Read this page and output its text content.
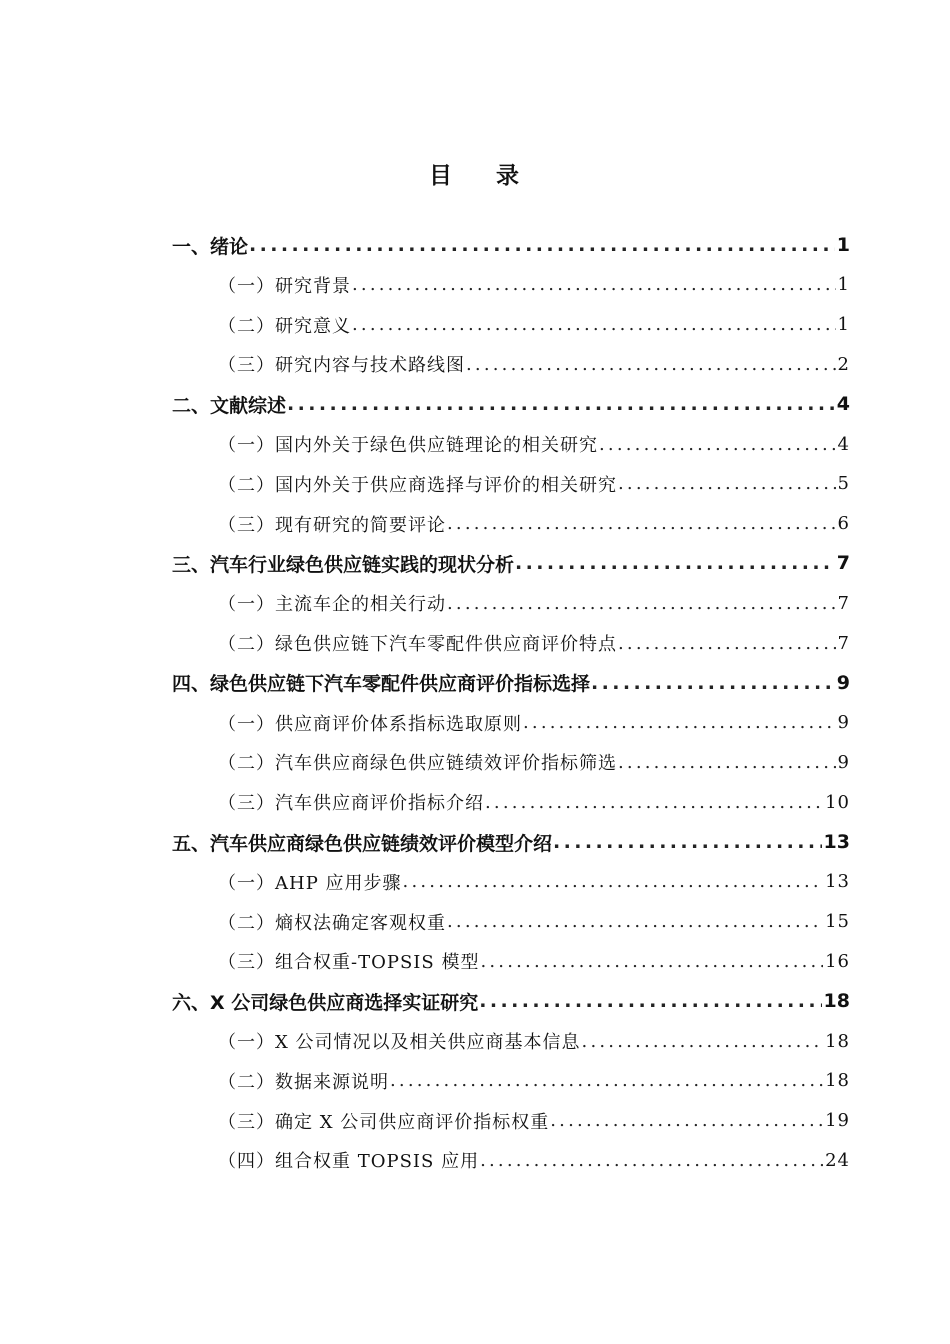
目 录
一、绪论 .....	1
（一）研究背景 .....	1
（二）研究意义 .....	1
（三）研究内容与技术路线图 .....	2
二、文献综述 .....	4
（一）国内外关于绿色供应链理论的相关研究 .....	4
（二）国内外关于供应商选择与评价的相关研究 .....	5
（三）现有研究的简要评论 .....	6
三、汽车行业绿色供应链实践的现状分析 .....	7
（一）主流车企的相关行动 .....	7
（二）绿色供应链下汽车零配件供应商评价特点 .....	7
四、绿色供应链下汽车零配件供应商评价指标选择 .....	9
（一）供应商评价体系指标选取原则 .....	9
（二）汽车供应商绿色供应链绩效评价指标筛选 .....	9
（三）汽车供应商评价指标介绍 .....	10
五、汽车供应商绿色供应链绩效评价模型介绍 .....	13
（一）AHP 应用步骤 .....	13
（二）熵权法确定客观权重 .....	15
（三）组合权重-TOPSIS 模型 .....	16
六、X 公司绿色供应商选择实证研究 .....	18
（一）X 公司情况以及相关供应商基本信息 .....	18
（二）数据来源说明 .....	18
（三）确定 X 公司供应商评价指标权重 .....	19
（四）组合权重 TOPSIS 应用 .....	24
